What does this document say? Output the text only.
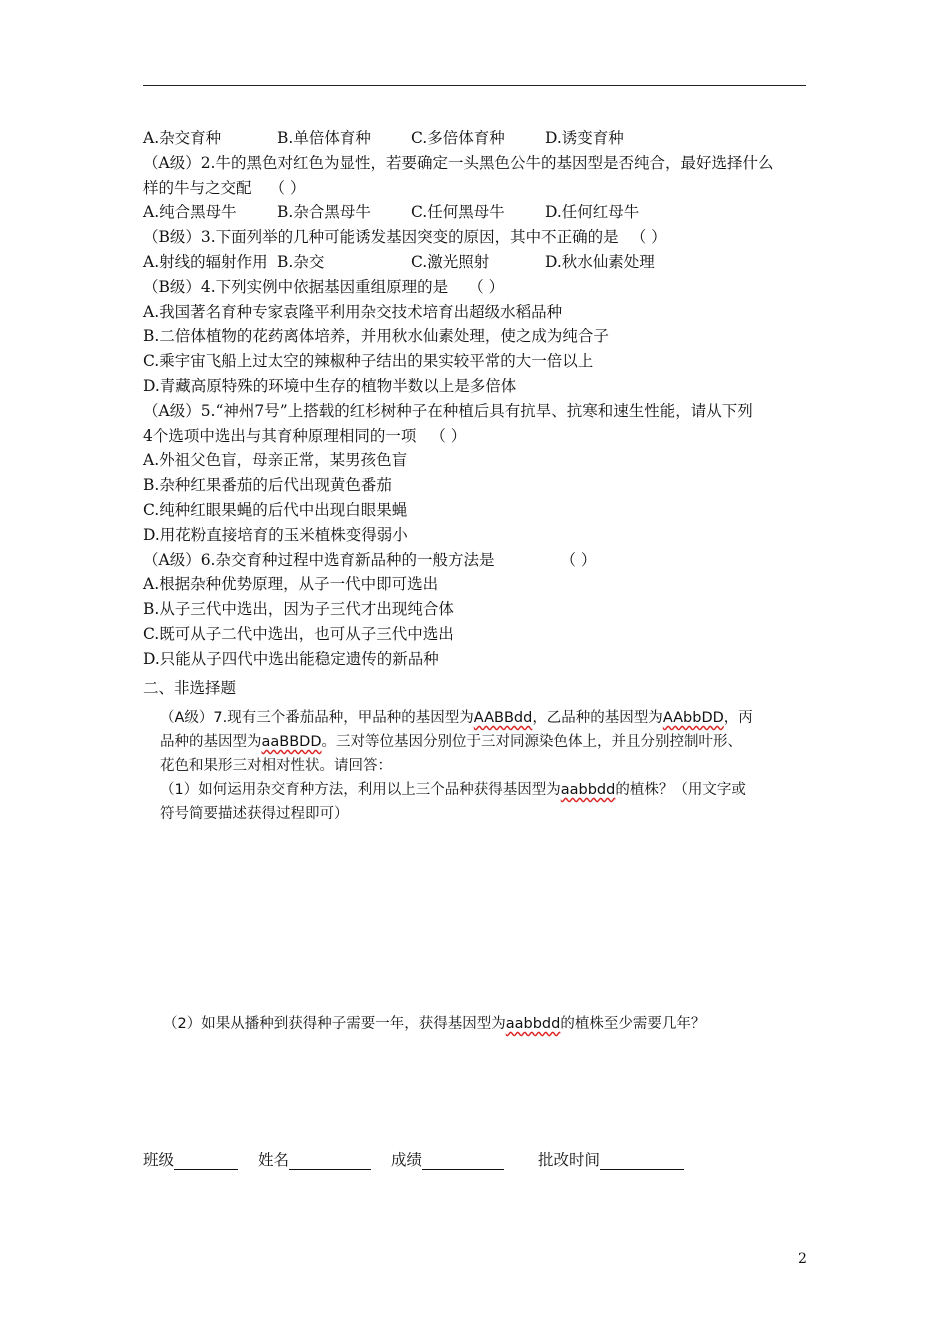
A.杂交育种	B.单倍体育种	C.多倍体育种	D.诱变育种
（A级）2.牛的黑色对红色为显性，若要确定一头黑色公牛的基因型是否纯合，最好选择什么
样的牛与之交配 （ ）
A.纯合黑母牛	B.杂合黑母牛	C.任何黑母牛	D.任何红母牛
（B级）3.下面列举的几种可能诱发基因突变的原因，其中不正确的是 （ ）
A.射线的辐射作用 B.杂交	C.激光照射	D.秋水仙素处理
（B级）4.下列实例中依据基因重组原理的是 （ ）
A.我国著名育种专家袁隆平利用杂交技术培育出超级水稻品种
B.二倍体植物的花药离体培养，并用秋水仙素处理，使之成为纯合子
C.乘宇宙飞船上过太空的辣椒种子结出的果实较平常的大一倍以上
D.青藏高原特殊的环境中生存的植物半数以上是多倍体
（A级）5.“神州7号”上搭载的红杉树种子在种植后具有抗旱、抗寒和速生性能，请从下列
4个选项中选出与其育种原理相同的一项 （ ）
A.外祖父色盲，母亲正常，某男孩色盲
B.杂种红果番茄的后代出现黄色番茄
C.纯种红眼果蝇的后代中出现白眼果蝇
D.用花粉直接培育的玉米植株变得弱小
（A级）6.杂交育种过程中选育新品种的一般方法是	（ ）
A.根据杂种优势原理，从子一代中即可选出
B.从子三代中选出，因为子三代才出现纯合体
C.既可从子二代中选出，也可从子三代中选出
D.只能从子四代中选出能稳定遗传的新品种
二、非选择题
（A级）7.现有三个番茄品种，甲品种的基因型为AABBdd，乙品种的基因型为AAbbDD，丙
品种的基因型为aaBBDD。三对等位基因分别位于三对同源染色体上，并且分别控制叶形、
花色和果形三对相对性状。请回答：
（1）如何运用杂交育种方法，利用以上三个品种获得基因型为aabbdd的植株？（用文字或
符号简要描述获得过程即可）
（2）如果从播种到获得种子需要一年，获得基因型为aabbdd的植株至少需要几年？
班级	姓名	成绩	批改时间
2
